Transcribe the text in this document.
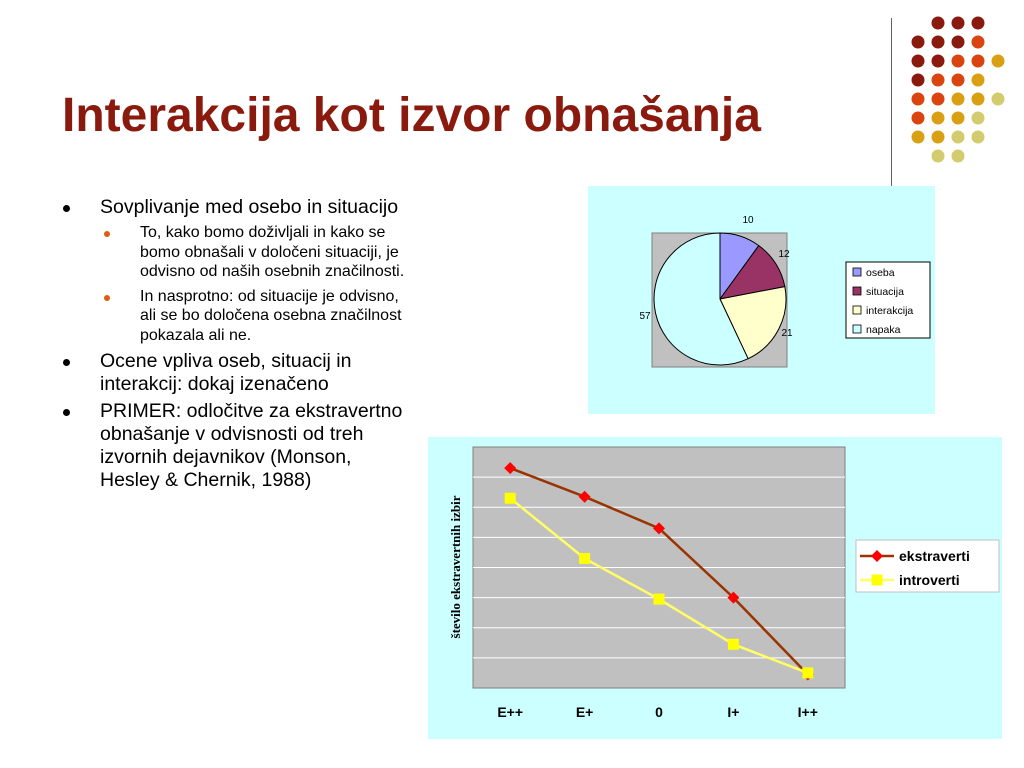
Interakcija kot izvor obnašanja
Sovplivanje med osebo in situacijo
To, kako bomo doživljali in kako se bomo obnašali v določeni situaciji, je odvisno od naših osebnih značilnosti.
In nasprotno: od situacije je odvisno, ali se bo določena osebna značilnost pokazala ali ne.
Ocene vpliva oseb, situacij in interakcij: dokaj izenačeno
PRIMER: odločitve za ekstravertno obnašanje v odvisnosti od treh izvornih dejavnikov (Monson, Hesley & Chernik, 1988)
10
12
21
57
oseba
situacija
interakcija
napaka
E++	E+	0	I+	I++
število ekstravertnih izbir	ekstraverti
introverti
